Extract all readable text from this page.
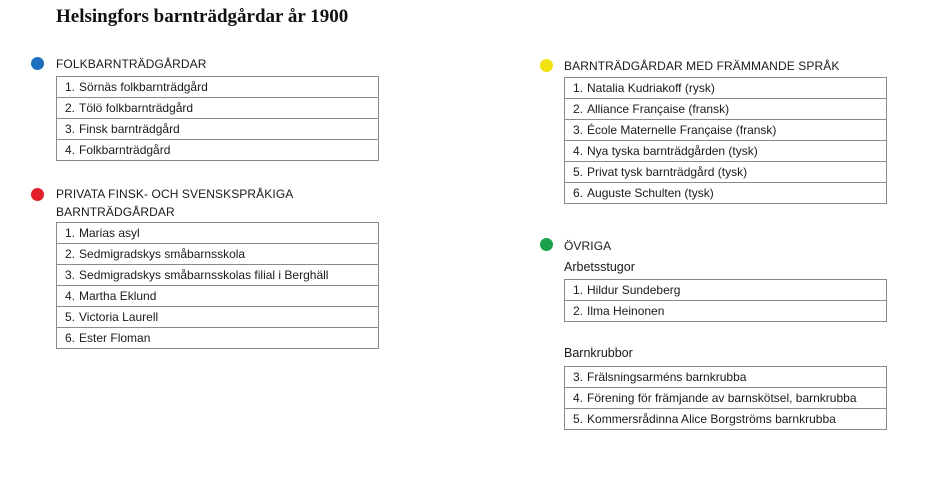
Helsingfors barnträdgårdar år 1900
FOLKBARNTRÄDGÅRDAR
1. Sörnäs folkbarnträdgård
2. Tölö folkbarnträdgård
3. Finsk barnträdgård
4. Folkbarnträdgård
PRIVATA FINSK- OCH SVENSKSPRÅKIGA
BARNTRÄDGÅRDAR
1. Marias asyl
2. Sedmigradskys småbarnsskola
3. Sedmigradskys småbarnsskolas filial i Berghäll
4. Martha Eklund
5. Victoria Laurell
6. Ester Floman
BARNTRÄDGÅRDAR MED FRÄMMANDE SPRÅK
1. Natalia Kudriakoff (rysk)
2. Alliance Française (fransk)
3. École Maternelle Française (fransk)
4. Nya tyska barnträdgården (tysk)
5. Privat tysk barnträdgård (tysk)
6. Auguste Schulten (tysk)
ÖVRIGA
Arbetsstugor
1. Hildur Sundeberg
2. Ilma Heinonen
Barnkrubbor
3. Frälsningsarméns barnkrubba
4. Förening för främjande av barnskötsel, barnkrubba
5. Kommersrådinna Alice Borgströms barnkrubba
